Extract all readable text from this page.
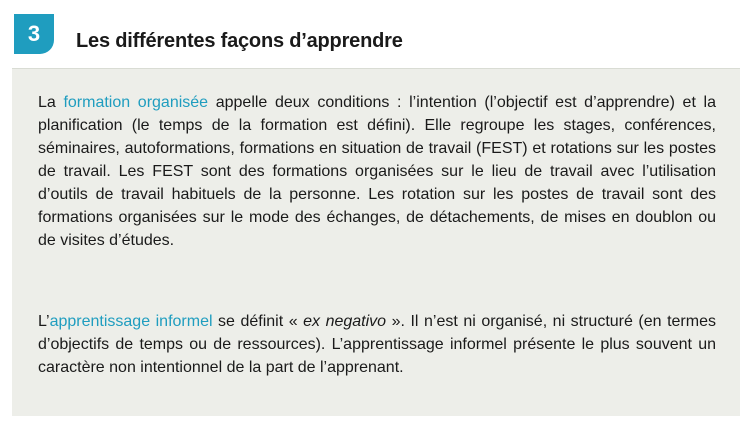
3 Les différentes façons d’apprendre

La formation organisée appelle deux conditions : l’intention (l’objectif est d’apprendre) et la planification (le temps de la formation est défini). Elle regroupe les stages, conférences, séminaires, autoformations, formations en situation de travail (FEST) et rotations sur les postes de travail. Les FEST sont des formations organisées sur le lieu de travail avec l’utilisation d’outils de travail habituels de la personne. Les rotation sur les postes de travail sont des formations organisées sur le mode des échanges, de détachements, de mises en doublon ou de visites d’études.

L’apprentissage informel se définit « ex negativo ». Il n’est ni organisé, ni structuré (en termes d’objectifs de temps ou de ressources). L’apprentissage informel présente le plus souvent un caractère non intentionnel de la part de l’apprenant.
